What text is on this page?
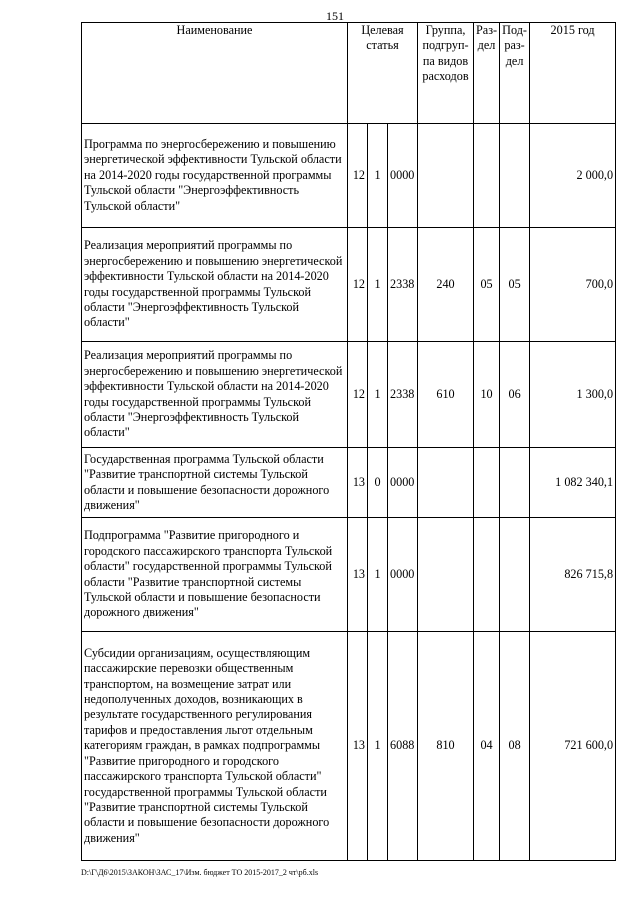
151
Наименование	Целевая статья			Группа, подгруп-па видов расходов	Раз-дел	Под-раз-дел	2015 год
Программа по энергосбережению и повышению энергетической эффективности Тульской области на 2014-2020 годы государственной программы Тульской области "Энергоэффективность Тульской области"	12	1	0000				2 000,0
Реализация мероприятий программы по энергосбережению и повышению энергетической эффективности Тульской области на 2014-2020 годы государственной программы Тульской области "Энергоэффективность Тульской области"	12	1	2338	240	05	05	700,0
Реализация мероприятий программы по энергосбережению и повышению энергетической эффективности Тульской области на 2014-2020 годы государственной программы Тульской области "Энергоэффективность Тульской области"	12	1	2338	610	10	06	1 300,0
Государственная программа Тульской области "Развитие транспортной системы Тульской области и повышение безопасности дорожного движения"	13	0	0000				1 082 340,1
Подпрограмма "Развитие пригородного и городского пассажирского транспорта Тульской области" государственной программы Тульской области "Развитие транспортной системы Тульской области и повышение безопасности дорожного движения"	13	1	0000				826 715,8
Субсидии организациям, осуществляющим пассажирские перевозки общественным транспортом, на возмещение затрат или недополученных доходов, возникающих в результате государственного регулирования тарифов и предоставления льгот отдельным категориям граждан, в рамках подпрограммы "Развитие пригородного и городского пассажирского транспорта Тульской области" государственной программы Тульской области "Развитие транспортной системы Тульской области и повышение безопасности дорожного движения"	13	1	6088	810	04	08	721 600,0
D:\Г\Д6\2015\ЗАКОН\ЗАС_17\Изм. бюджет ТО 2015-2017_2 чт\рб.xls
